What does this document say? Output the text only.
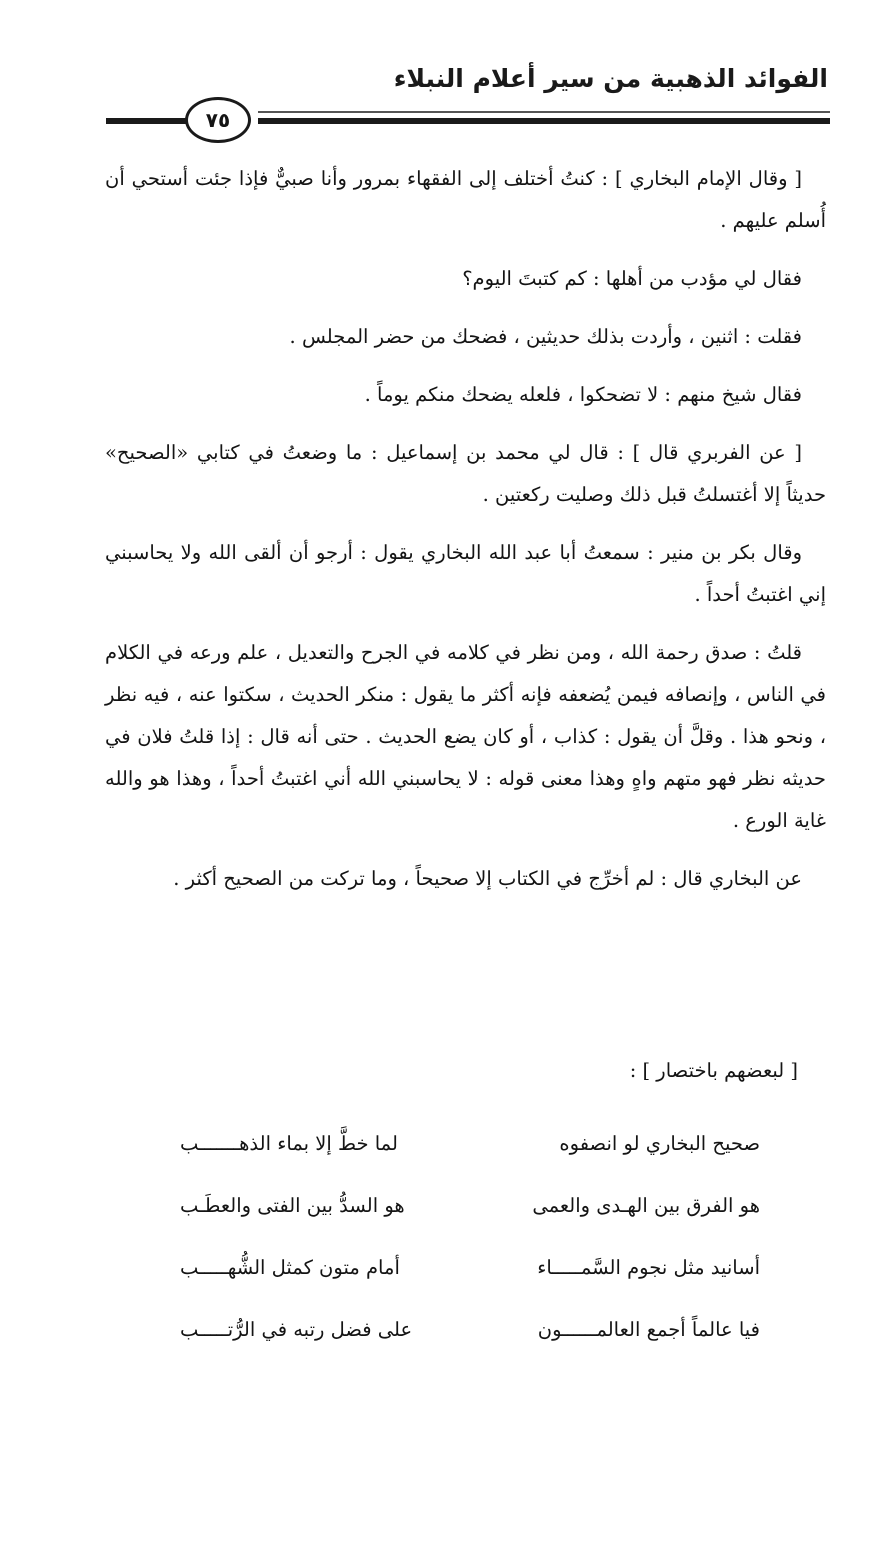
الفوائد الذهبية من سير أعلام النبلاء
٧٥

[ وقال الإمام البخاري ] : كنتُ أختلف إلى الفقهاء بمرور وأنا صبيٌّ فإذا جئت أستحي أن أُسلم عليهم .

فقال لي مؤدب من أهلها : كم كتبتَ اليوم؟

فقلت : اثنين ، وأردت بذلك حديثين ، فضحك من حضر المجلس .

فقال شيخ منهم : لا تضحكوا ، فلعله يضحك منكم يوماً .

[ عن الفربري قال ] : قال لي محمد بن إسماعيل : ما وضعتُ في كتابي «الصحيح» حديثاً إلا أغتسلتُ قبل ذلك وصليت ركعتين .

وقال بكر بن منير : سمعتُ أبا عبد الله البخاري يقول : أرجو أن ألقى الله ولا يحاسبني إني اغتبتُ أحداً .

قلتُ : صدق رحمة الله ، ومن نظر في كلامه في الجرح والتعديل ، علم ورعه في الكلام في الناس ، وإنصافه فيمن يُضعفه فإنه أكثر ما يقول : منكر الحديث ، سكتوا عنه ، فيه نظر ، ونحو هذا . وقلَّ أن يقول : كذاب ، أو كان يضع الحديث . حتى أنه قال : إذا قلتُ فلان في حديثه نظر فهو متهم واهٍ وهذا معنى قوله : لا يحاسبني الله أني اغتبتُ أحداً ، وهذا هو والله غاية الورع .

عن البخاري قال : لم أخرِّج في الكتاب إلا صحيحاً ، وما تركت من الصحيح أكثر .

[ لبعضهم باختصار ] :
صحيح البخاري لو انصفوه
لما خطَّ إلا بماء الذهـــــــب
هو الفرق بين الهـدى والعمى
هو السدُّ بين الفتى والعطَـب
أسانيد مثل نجوم السَّمـــــاء
أمام متون كمثل الشُّهـــــب
فيا عالماً أجمع العالمــــــون
على فضل رتبه في الرُّتـــــب
